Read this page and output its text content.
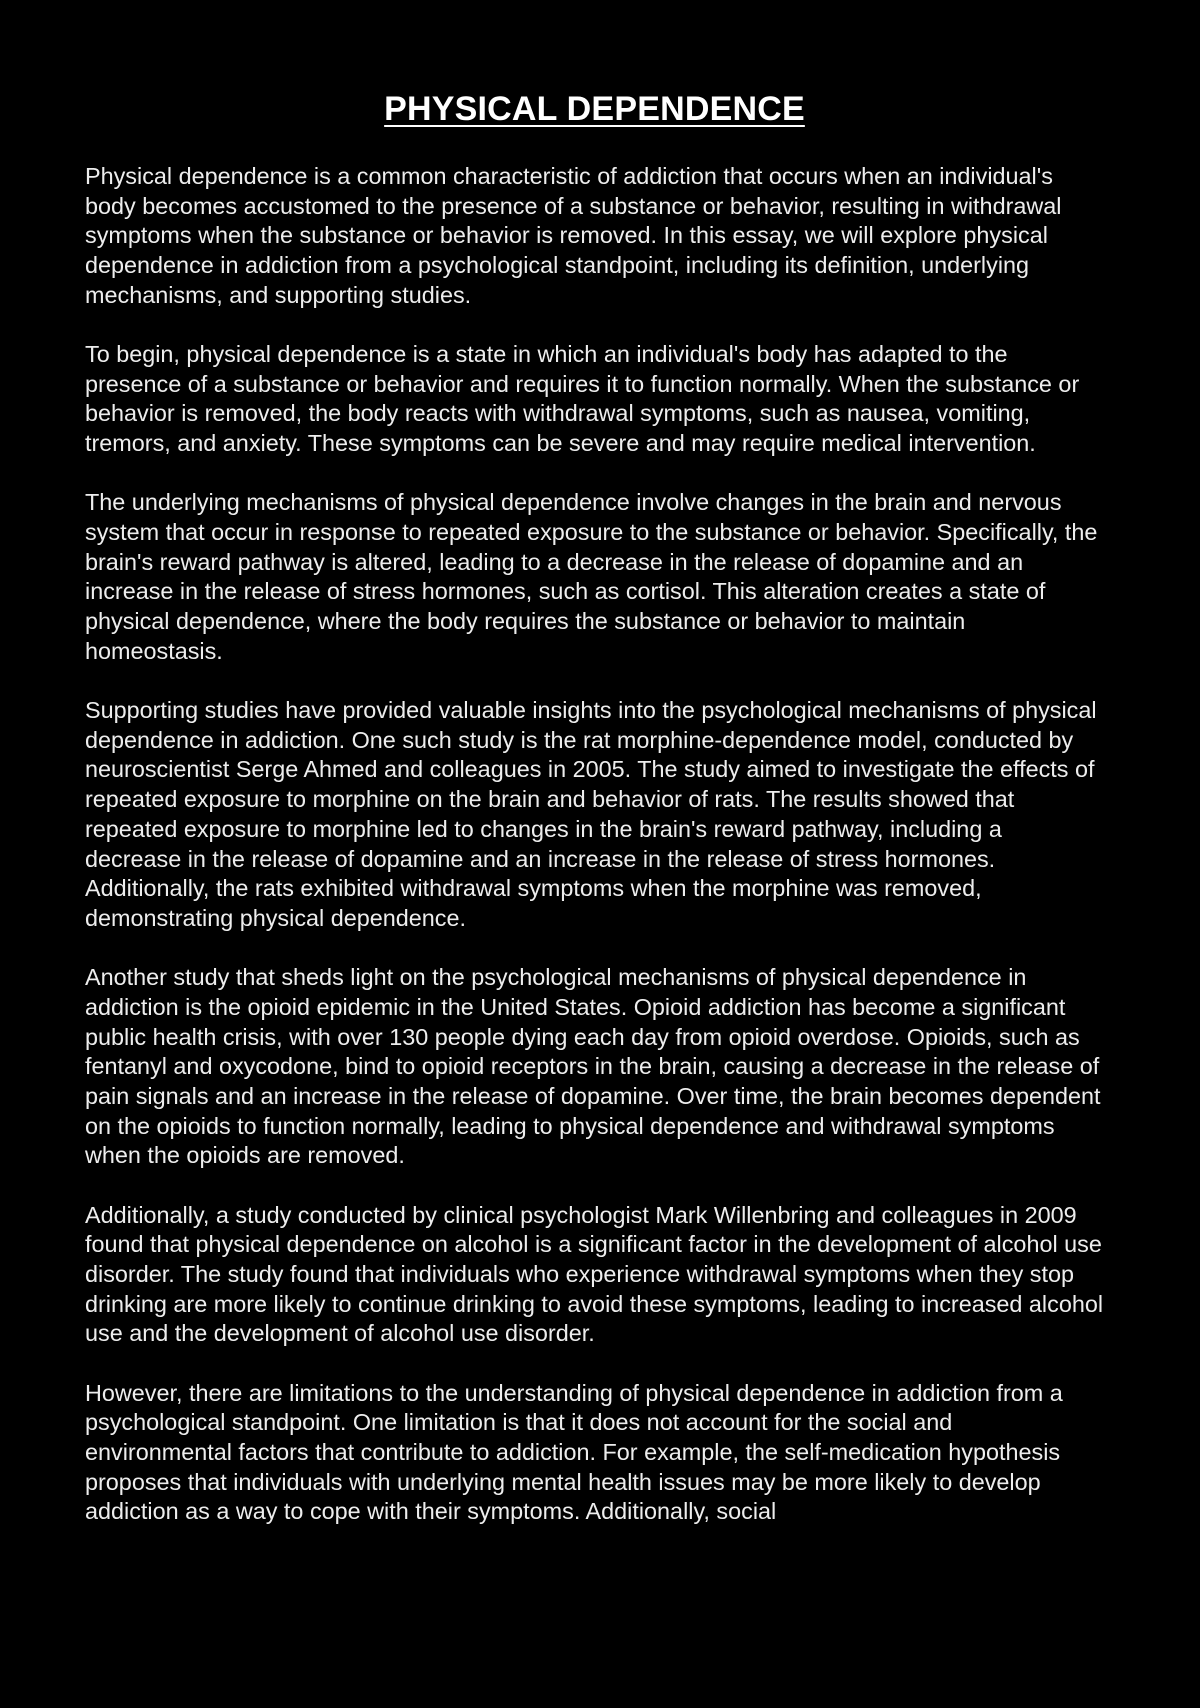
PHYSICAL DEPENDENCE

Physical dependence is a common characteristic of addiction that occurs when an individual's body becomes accustomed to the presence of a substance or behavior, resulting in withdrawal symptoms when the substance or behavior is removed. In this essay, we will explore physical dependence in addiction from a psychological standpoint, including its definition, underlying mechanisms, and supporting studies.

To begin, physical dependence is a state in which an individual's body has adapted to the presence of a substance or behavior and requires it to function normally. When the substance or behavior is removed, the body reacts with withdrawal symptoms, such as nausea, vomiting, tremors, and anxiety. These symptoms can be severe and may require medical intervention.

The underlying mechanisms of physical dependence involve changes in the brain and nervous system that occur in response to repeated exposure to the substance or behavior. Specifically, the brain's reward pathway is altered, leading to a decrease in the release of dopamine and an increase in the release of stress hormones, such as cortisol. This alteration creates a state of physical dependence, where the body requires the substance or behavior to maintain homeostasis.

Supporting studies have provided valuable insights into the psychological mechanisms of physical dependence in addiction. One such study is the rat morphine-dependence model, conducted by neuroscientist Serge Ahmed and colleagues in 2005. The study aimed to investigate the effects of repeated exposure to morphine on the brain and behavior of rats. The results showed that repeated exposure to morphine led to changes in the brain's reward pathway, including a decrease in the release of dopamine and an increase in the release of stress hormones. Additionally, the rats exhibited withdrawal symptoms when the morphine was removed, demonstrating physical dependence.

Another study that sheds light on the psychological mechanisms of physical dependence in addiction is the opioid epidemic in the United States. Opioid addiction has become a significant public health crisis, with over 130 people dying each day from opioid overdose. Opioids, such as fentanyl and oxycodone, bind to opioid receptors in the brain, causing a decrease in the release of pain signals and an increase in the release of dopamine. Over time, the brain becomes dependent on the opioids to function normally, leading to physical dependence and withdrawal symptoms when the opioids are removed.

Additionally, a study conducted by clinical psychologist Mark Willenbring and colleagues in 2009 found that physical dependence on alcohol is a significant factor in the development of alcohol use disorder. The study found that individuals who experience withdrawal symptoms when they stop drinking are more likely to continue drinking to avoid these symptoms, leading to increased alcohol use and the development of alcohol use disorder.

However, there are limitations to the understanding of physical dependence in addiction from a psychological standpoint. One limitation is that it does not account for the social and environmental factors that contribute to addiction. For example, the self-medication hypothesis proposes that individuals with underlying mental health issues may be more likely to develop addiction as a way to cope with their symptoms. Additionally, social
